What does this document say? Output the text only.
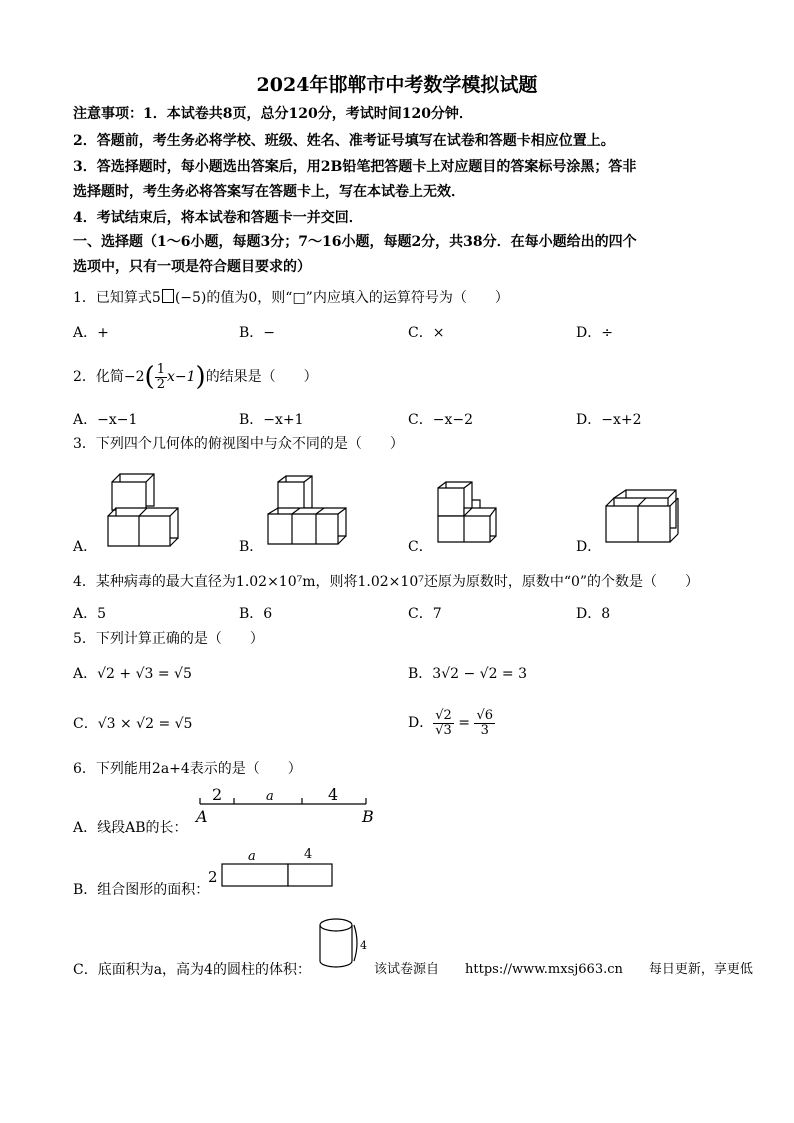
2024年邯郸市中考数学模拟试题
注意事项：1．本试卷共8页，总分120分，考试时间120分钟．
2．答题前，考生务必将学校、班级、姓名、准考证号填写在试卷和答题卡相应位置上。
3．答选择题时，每小题选出答案后，用2B铅笔把答题卡上对应题目的答案标号涂黑；答非
选择题时，考生务必将答案写在答题卡上，写在本试卷上无效．
4．考试结束后，将本试卷和答题卡一并交回．
一、选择题（1～6小题，每题3分；7～16小题，每题2分，共38分．在每小题给出的四个
选项中，只有一项是符合题目要求的）
1．已知算式5 (−5)的值为0，则“□”内应填入的运算符号为（　　）
A．+	B．−	C．×	D．÷
2．化简$-2( \frac{1}{2} x-1)$的结果是（　　）
A．−x−1	B．−x+1	C．−x−2	D．−x+2
3．下列四个几何体的俯视图中与众不同的是（　　）
A．	B．	C．	D．
4．某种病毒的最大直径为1.02×10⁷m，则将1.02×10⁷还原为原数时，原数中“0”的个数是（　　）
A．5	B．6	C．7	D．8
5．下列计算正确的是（　　）
A．√2 + √3 = √5	B．3√2 − √2 = 3
C．√3 × √2 = √5	D． $\frac{√2}{√3} = \frac{√6}{3}$
6．下列能用2a+4表示的是（　　）
A．线段AB的长：
2	a	4
A	B
B．组合图形的面积：
a	4
2
C．底面积为a，高为4的圆柱的体积：
4
该试卷源自　　https://www.mxsj663.cn　　每日更新，享更低
